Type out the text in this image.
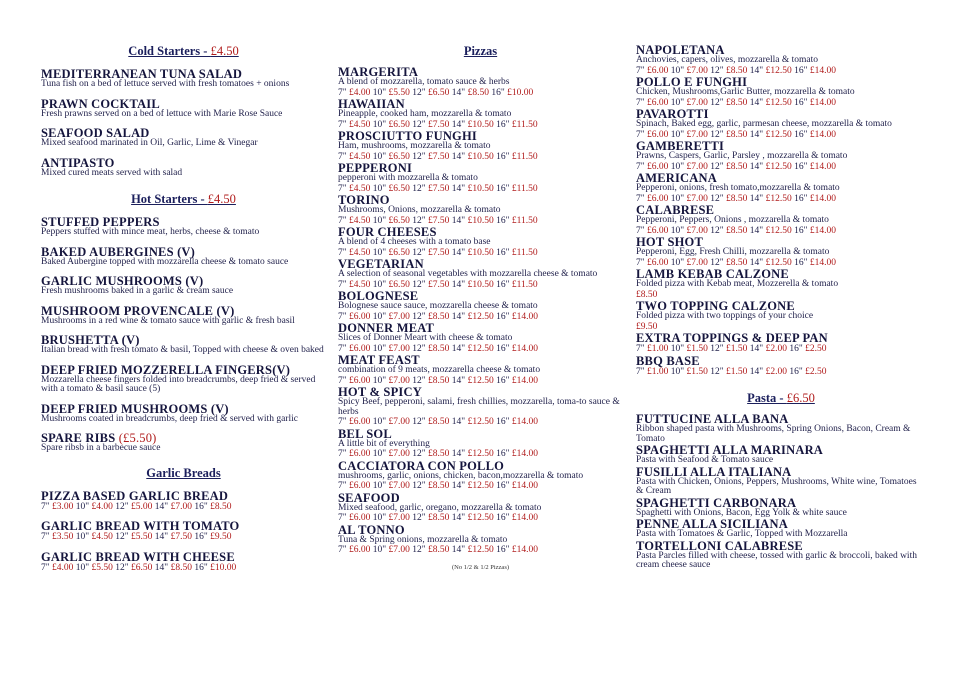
Cold Starters - £4.50
MEDITERRANEAN TUNA SALAD
Tuna fish on a bed of lettuce served with fresh tomatoes + onions
PRAWN COCKTAIL
Fresh prawns served on a bed of lettuce with Marie Rose Sauce
SEAFOOD SALAD
Mixed seafood marinated in Oil, Garlic, Lime & Vinegar
ANTIPASTO
Mixed cured meats served with salad
Hot Starters - £4.50
STUFFED PEPPERS
Peppers stuffed with mince meat, herbs, cheese & tomato
BAKED AUBERGINES (V)
Baked Aubergine topped with mozzarella cheese & tomato sauce
GARLIC MUSHROOMS (V)
Fresh mushrooms baked in a garlic & cream sauce
MUSHROOM PROVENCALE (V)
Mushrooms in a red wine & tomato sauce with garlic & fresh basil
BRUSHETTA (V)
Italian bread with fresh tomato & basil, Topped with cheese & oven baked
DEEP FRIED MOZZERELLA FINGERS(V)
Mozzarella cheese fingers folded into breadcrumbs, deep fried & served with a tomato & basil sauce (5)
DEEP FRIED MUSHROOMS (V)
Mushrooms coated in breadcrumbs, deep fried & served with garlic
SPARE RIBS (£5.50)
Spare ribsb in a barbecue sauce
Garlic Breads
PIZZA BASED GARLIC BREAD
7" £3.00 10" £4.00 12" £5.00 14" £7.00 16" £8.50
GARLIC BREAD WITH TOMATO
7" £3.50 10" £4.50 12" £5.50 14" £7.50 16" £9.50
GARLIC BREAD WITH CHEESE
7" £4.00 10" £5.50 12" £6.50 14" £8.50 16" £10.00
Pizzas
MARGERITA
A blend of mozzarella, tomato sauce & herbs
7" £4.00 10" £5.50 12" £6.50 14" £8.50 16" £10.00
HAWAIIAN
Pineapple, cooked ham, mozzarella & tomato
7" £4.50 10" £6.50 12" £7.50 14" £10.50 16" £11.50
PROSCIUTTO FUNGHI
Ham, mushrooms, mozzarella & tomato
7" £4.50 10" £6.50 12" £7.50 14" £10.50 16" £11.50
PEPPERONI
pepperoni with mozzarella & tomato
7" £4.50 10" £6.50 12" £7.50 14" £10.50 16" £11.50
TORINO
Mushrooms, Onions, mozzarella & tomato
7" £4.50 10" £6.50 12" £7.50 14" £10.50 16" £11.50
FOUR CHEESES
A blend of 4 cheeses with a tomato base
7" £4.50 10" £6.50 12" £7.50 14" £10.50 16" £11.50
VEGETARIAN
A selection of seasonal vegetables with mozzarella cheese & tomato
7" £4.50 10" £6.50 12" £7.50 14" £10.50 16" £11.50
BOLOGNESE
Bolognese sauce sauce, mozzarella cheese & tomato
7" £6.00 10" £7.00 12" £8.50 14" £12.50 16" £14.00
DONNER MEAT
Slices of Donner Meart with cheese & tomato
7" £6.00 10" £7.00 12" £8.50 14" £12.50 16" £14.00
MEAT FEAST
combination of 9 meats, mozzarella cheese & tomato
7" £6.00 10" £7.00 12" £8.50 14" £12.50 16" £14.00
HOT & SPICY
Spicy Beef, pepperoni, salami, fresh chillies, mozzarella, toma-to sauce & herbs
7" £6.00 10" £7.00 12" £8.50 14" £12.50 16" £14.00
BEL SOL
A little bit of everything
7" £6.00 10" £7.00 12" £8.50 14" £12.50 16" £14.00
CACCIATORA CON POLLO
mushrooms, garlic, onions, chicken, bacon,mozzarella & tomato
7" £6.00 10" £7.00 12" £8.50 14" £12.50 16" £14.00
SEAFOOD
Mixed seafood, garlic, oregano, mozzarella & tomato
7" £6.00 10" £7.00 12" £8.50 14" £12.50 16" £14.00
AL TONNO
Tuna & Spring onions, mozzarella & tomato
7" £6.00 10" £7.00 12" £8.50 14" £12.50 16" £14.00
(No 1/2 & 1/2 Pizzas)
NAPOLETANA
Anchovies, capers, olives, mozzarella & tomato
7" £6.00 10" £7.00 12" £8.50 14" £12.50 16" £14.00
POLLO E FUNGHI
Chicken, Mushrooms,Garlic Butter, mozzarella & tomato
7" £6.00 10" £7.00 12" £8.50 14" £12.50 16" £14.00
PAVAROTTI
Spinach, Baked egg, garlic, parmesan cheese, mozzarella & tomato
7" £6.00 10" £7.00 12" £8.50 14" £12.50 16" £14.00
GAMBERETTI
Prawns, Caspers, Garlic, Parsley , mozzarella & tomato
7" £6.00 10" £7.00 12" £8.50 14" £12.50 16" £14.00
AMERICANA
Pepperoni, onions, fresh tomato,mozzarella & tomato
7" £6.00 10" £7.00 12" £8.50 14" £12.50 16" £14.00
CALABRESE
Pepperoni, Peppers, Onions , mozzarella & tomato
7" £6.00 10" £7.00 12" £8.50 14" £12.50 16" £14.00
HOT SHOT
Pepperoni, Egg, Fresh Chilli, mozzarella & tomato
7" £6.00 10" £7.00 12" £8.50 14" £12.50 16" £14.00
LAMB KEBAB CALZONE
Folded pizza with Kebab meat, Mozzerella & tomato
£8.50
TWO TOPPING CALZONE
Folded pizza with two toppings of your choice
£9.50
EXTRA TOPPINGS & DEEP PAN
7" £1.00 10" £1.50 12" £1.50 14" £2.00 16" £2.50
BBQ BASE
7" £1.00 10" £1.50 12" £1.50 14" £2.00 16" £2.50
Pasta - £6.50
FUTTUCINE ALLA BANA
Ribbon shaped pasta with Mushrooms, Spring Onions, Bacon, Cream & Tomato
SPAGHETTI ALLA MARINARA
Pasta with Seafood & Tomato sauce
FUSILLI ALLA ITALIANA
Pasta with Chicken, Onions, Peppers, Mushrooms, White wine, Tomatoes & Cream
SPAGHETTI CARBONARA
Spaghetti with Onions, Bacon, Egg Yolk & white sauce
PENNE ALLA SICILIANA
Pasta with Tomatoes & Garlic, Topped with Mozzarella
TORTELLONI CALABRESE
Pasta Parcles filled with cheese, tossed with garlic & broccoli, baked with cream cheese sauce
